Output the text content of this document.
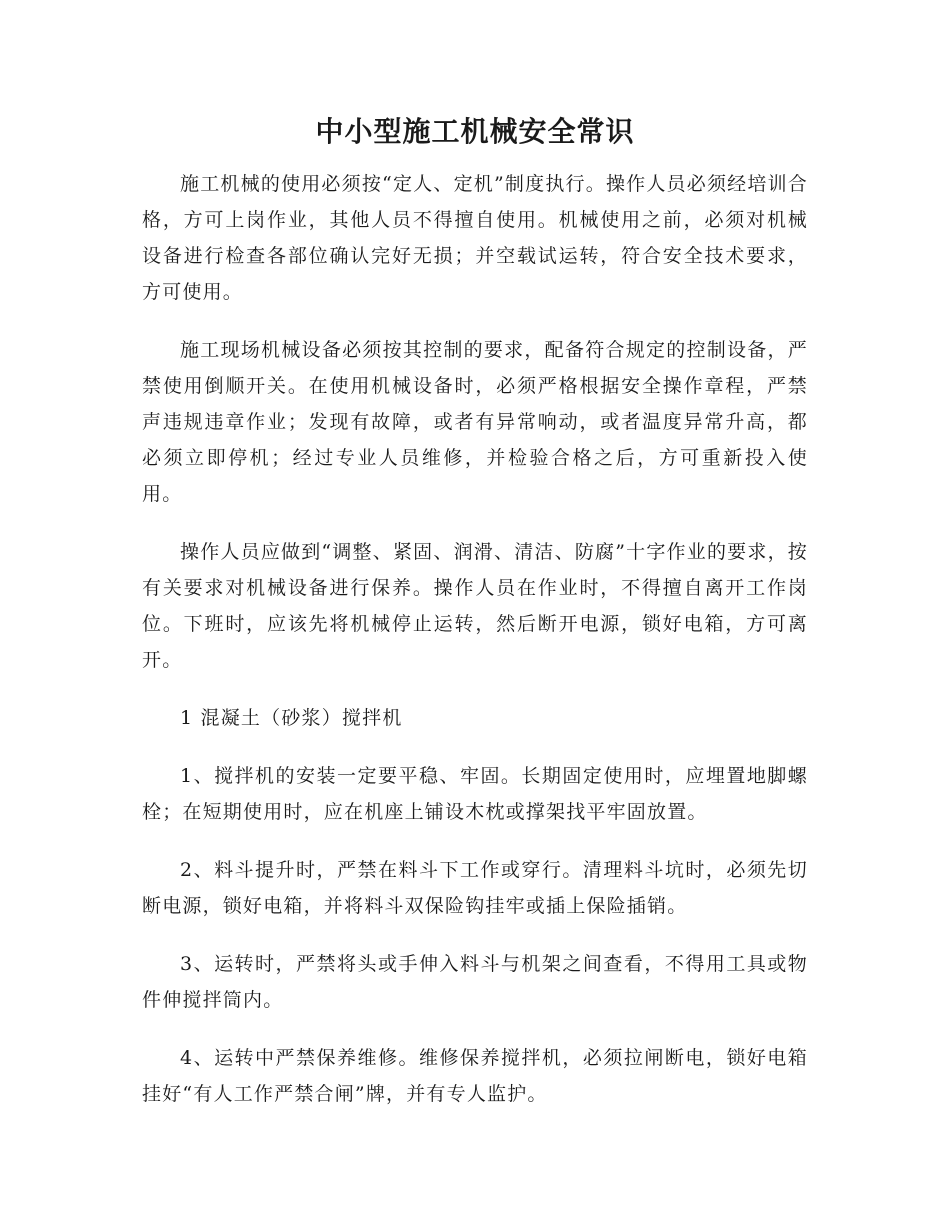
中小型施工机械安全常识

施工机械的使用必须按“定人、定机”制度执行。操作人员必须经培训合格，方可上岗作业，其他人员不得擅自使用。机械使用之前，必须对机械设备进行检查各部位确认完好无损；并空载试运转，符合安全技术要求，方可使用。

施工现场机械设备必须按其控制的要求，配备符合规定的控制设备，严禁使用倒顺开关。在使用机械设备时，必须严格根据安全操作章程，严禁声违规违章作业；发现有故障，或者有异常响动，或者温度异常升高，都必须立即停机；经过专业人员维修，并检验合格之后，方可重新投入使用。

操作人员应做到“调整、紧固、润滑、清洁、防腐”十字作业的要求，按有关要求对机械设备进行保养。操作人员在作业时，不得擅自离开工作岗位。下班时，应该先将机械停止运转，然后断开电源，锁好电箱，方可离开。

1 混凝土（砂浆）搅拌机

1、搅拌机的安装一定要平稳、牢固。长期固定使用时，应埋置地脚螺栓；在短期使用时，应在机座上铺设木枕或撑架找平牢固放置。

2、料斗提升时，严禁在料斗下工作或穿行。清理料斗坑时，必须先切断电源，锁好电箱，并将料斗双保险钩挂牢或插上保险插销。

3、运转时，严禁将头或手伸入料斗与机架之间查看，不得用工具或物件伸搅拌筒内。

4、运转中严禁保养维修。维修保养搅拌机，必须拉闸断电，锁好电箱挂好“有人工作严禁合闸”牌，并有专人监护。
